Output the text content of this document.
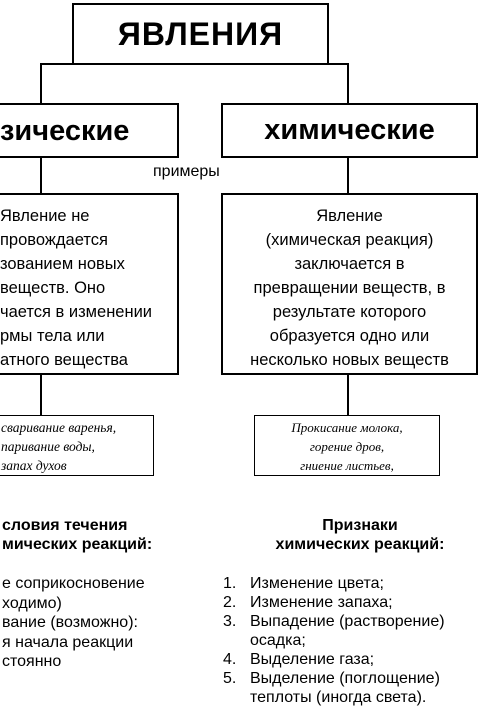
ЯВЛЕНИЯ
зические	химические
примеры
Явление не
провождается
зованием новых
веществ. Оно
чается в изменении
рмы тела или
атного вещества
Явление
(химическая реакция)
заключается в
превращении веществ, в
результате которого
образуется одно или
несколько новых веществ
сваривание варенья,
паривание воды,
запах духов
Прокисание молока,
горение дров,
гниение листьев,
словия течения
мических реакций:
е соприкосновение
ходимо)
вание (возможно):
я начала реакции
стоянно
Признаки
химических реакций:
1. Изменение цвета;
2. Изменение запаха;
3. Выпадение (растворение)
осадка;
4. Выделение газа;
5. Выделение (поглощение)
теплоты (иногда света).
